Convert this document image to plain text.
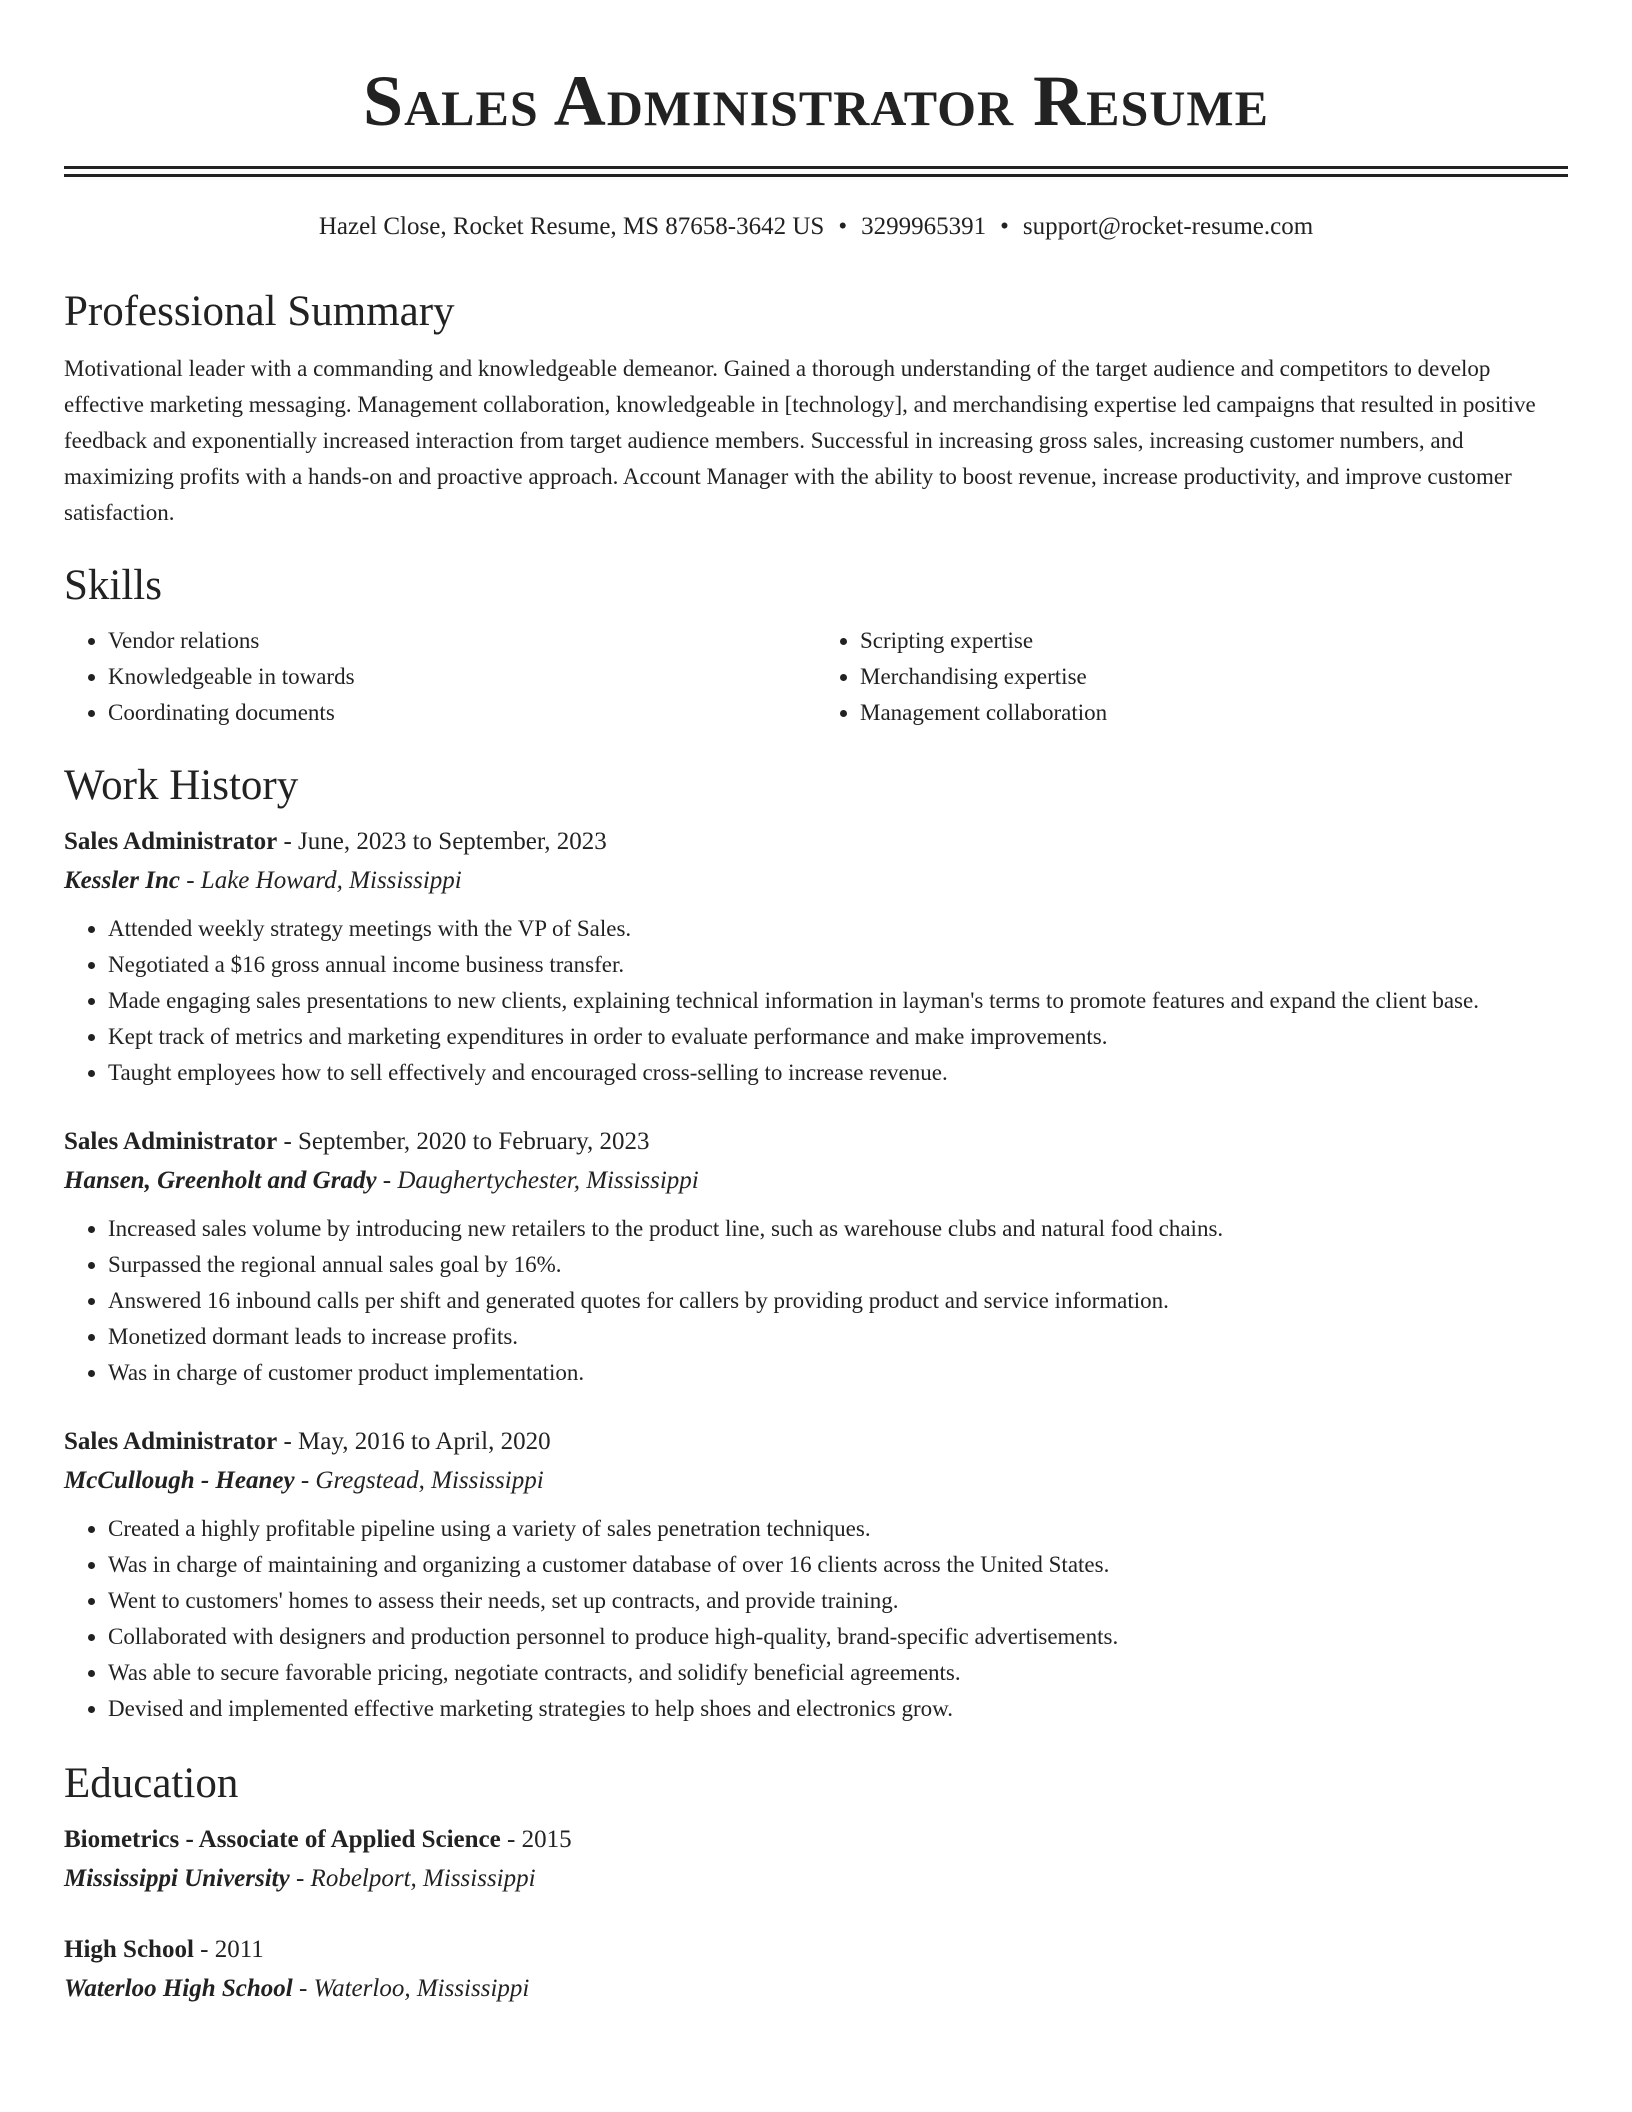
Sales Administrator Resume
Hazel Close, Rocket Resume, MS 87658-3642 US • 3299965391 • support@rocket-resume.com
Professional Summary

Motivational leader with a commanding and knowledgeable demeanor. Gained a thorough understanding of the target audience and competitors to develop effective marketing messaging. Management collaboration, knowledgeable in [technology], and merchandising expertise led campaigns that resulted in positive feedback and exponentially increased interaction from target audience members. Successful in increasing gross sales, increasing customer numbers, and maximizing profits with a hands-on and proactive approach. Account Manager with the ability to boost revenue, increase productivity, and improve customer satisfaction.

Skills
• Vendor relations
• Knowledgeable in towards
• Coordinating documents
• Scripting expertise
• Merchandising expertise
• Management collaboration
Work History
Sales Administrator - June, 2023 to September, 2023
Kessler Inc - Lake Howard, Mississippi
• Attended weekly strategy meetings with the VP of Sales.
• Negotiated a $16 gross annual income business transfer.
• Made engaging sales presentations to new clients, explaining technical information in layman's terms to promote features and expand the client base.
• Kept track of metrics and marketing expenditures in order to evaluate performance and make improvements.
• Taught employees how to sell effectively and encouraged cross-selling to increase revenue.
Sales Administrator - September, 2020 to February, 2023
Hansen, Greenholt and Grady - Daughertychester, Mississippi
• Increased sales volume by introducing new retailers to the product line, such as warehouse clubs and natural food chains.
• Surpassed the regional annual sales goal by 16%.
• Answered 16 inbound calls per shift and generated quotes for callers by providing product and service information.
• Monetized dormant leads to increase profits.
• Was in charge of customer product implementation.
Sales Administrator - May, 2016 to April, 2020
McCullough - Heaney - Gregstead, Mississippi
• Created a highly profitable pipeline using a variety of sales penetration techniques.
• Was in charge of maintaining and organizing a customer database of over 16 clients across the United States.
• Went to customers' homes to assess their needs, set up contracts, and provide training.
• Collaborated with designers and production personnel to produce high-quality, brand-specific advertisements.
• Was able to secure favorable pricing, negotiate contracts, and solidify beneficial agreements.
• Devised and implemented effective marketing strategies to help shoes and electronics grow.
Education
Biometrics - Associate of Applied Science - 2015
Mississippi University - Robelport, Mississippi
High School - 2011
Waterloo High School - Waterloo, Mississippi
